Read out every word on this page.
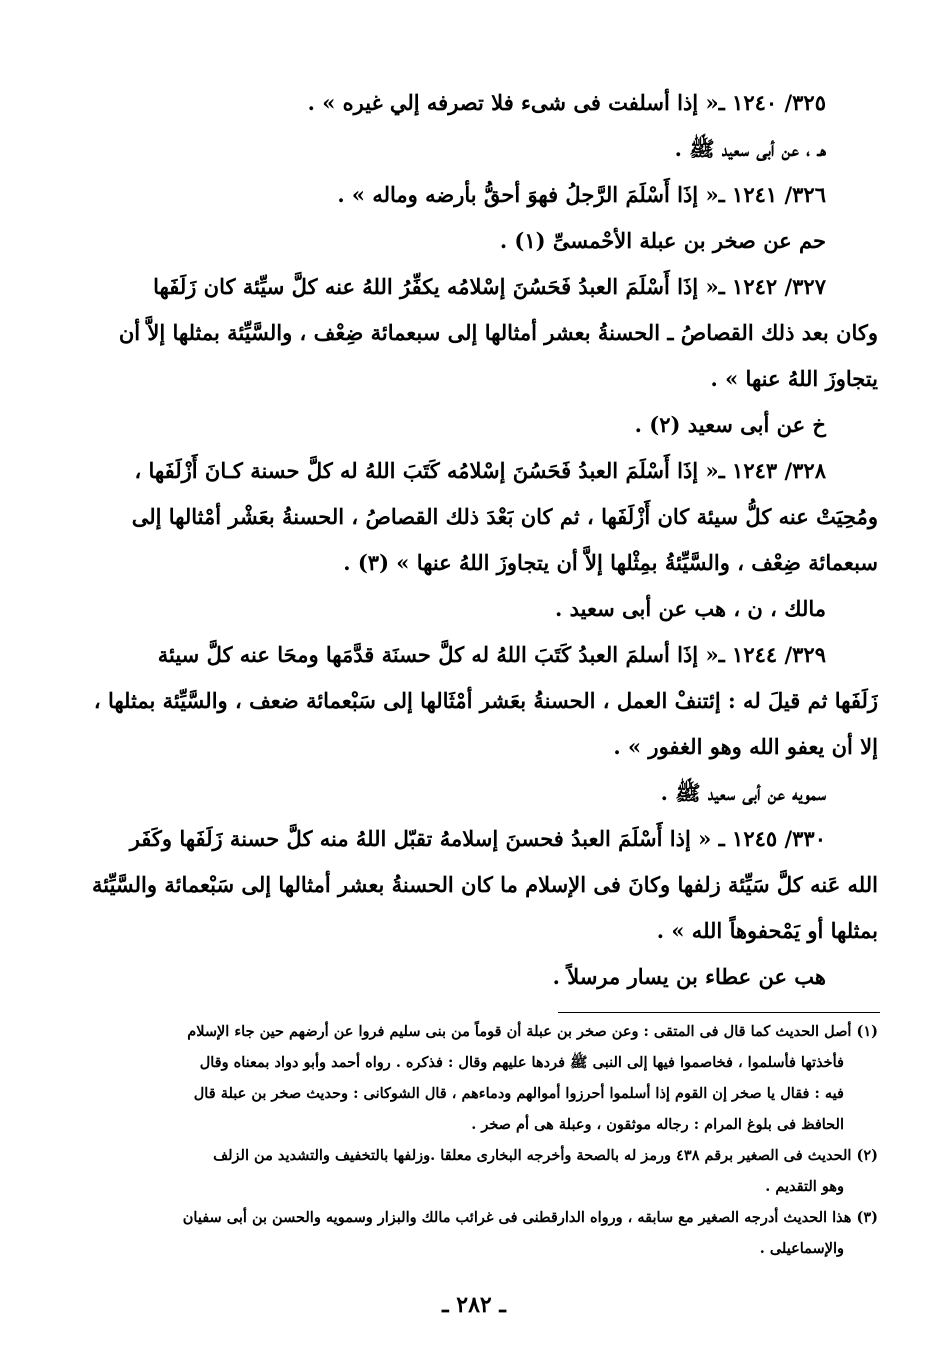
٣٢٥/ ١٢٤٠ ـ« إذا أسلفت فى شىء فلا تصرفه إلي غيره » .
هـ ، عن أبى سعيد ﷺ .
٣٢٦/ ١٢٤١ ـ« إذَا أَسْلَمَ الرَّجلُ فهوَ أحقُّ بأرضه وماله » .
حم عن صخر بن عبلة الأحْمسىِّ (١) .
٣٢٧/ ١٢٤٢ ـ« إذَا أَسْلَمَ العبدُ فَحَسُنَ إسْلامُه يكفِّرُ اللهُ عنه كلَّ سيِّئة كان زَلَفَها
وكان بعد ذلك القصاصُ ـ الحسنةُ بعشر أمثالها إلى سبعمائة ضِعْف ، والسَّيِّئة بمثلها إلاَّ أن
يتجاوزَ اللهُ عنها » .
خ عن أبى سعيد (٢) .
٣٢٨/ ١٢٤٣ ـ« إذَا أَسْلَمَ العبدُ فَحَسُنَ إسْلامُه كَتَبَ اللهُ له كلَّ حسنة كـانَ أَزْلَفَها ،
ومُحِيَتْ عنه كلُّ سيئة كان أَزْلَفَها ، ثم كان بَعْدَ ذلك القصاصُ ، الحسنةُ بعَشْر أمْثالها إلى
سبعمائة ضِعْف ، والسَّيِّئةُ بمِثْلها إلاَّ أن يتجاوزَ اللهُ عنها » (٣) .
مالك ، ن ، هب عن أبى سعيد .
٣٢٩/ ١٢٤٤ ـ« إذَا أسلمَ العبدُ كَتَبَ اللهُ له كلَّ حسنَة قدَّمَها ومحَا عنه كلَّ سيئة
زَلَفَها ثم قيلَ له : إئتنفْ العمل ، الحسنةُ بعَشر أمْثَالها إلى سَبْعمائة ضعف ، والسَّيِّئة بمثلها ،
إلا أن يعفو الله وهو الغفور » .
سمويه عن أبى سعيد ﷺ .
٣٣٠/ ١٢٤٥ ـ « إذا أَسْلَمَ العبدُ فحسنَ إسلامهُ تقبّل اللهُ منه كلَّ حسنة زَلَفَها وكَفَر
الله عَنه كلَّ سَيِّئة زلفها وكانَ فى الإسلام ما كان الحسنةُ بعشر أمثالها إلى سَبْعمائة والسَّيِّئة
بمثلها أو يَمْحفوهاً الله » .
هب عن عطاء بن يسار مرسلاً .
(١) أصل الحديث كما قال فى المتقى : وعن صخر بن عبلة أن قوماً من بنى سليم فروا عن أرضهم حين جاء الإسلام
فأخذتها فأسلموا ، فخاصموا فيها إلى النبى ﷺ فردها عليهم وقال : فذكره . رواه أحمد وأبو دواد بمعناه وقال
فيه : فقال يا صخر إن القوم إذا أسلموا أحرزوا أموالهم ودماءهم ، قال الشوكانى : وحديث صخر بن عبلة قال
الحافظ فى بلوغ المرام : رجاله موثقون ، وعبلة هى أم صخر .
(٢) الحديث فى الصغير برقم ٤٣٨ ورمز له بالصحة وأخرجه البخارى معلقا .وزلفها بالتخفيف والتشديد من الزلف
وهو التقديم .
(٣) هذا الحديث أدرجه الصغير مع سابقه ، ورواه الدارقطنى فى غرائب مالك والبزار وسمويه والحسن بن أبى سفيان
والإسماعيلى .
ـ ٢٨٢ ـ
